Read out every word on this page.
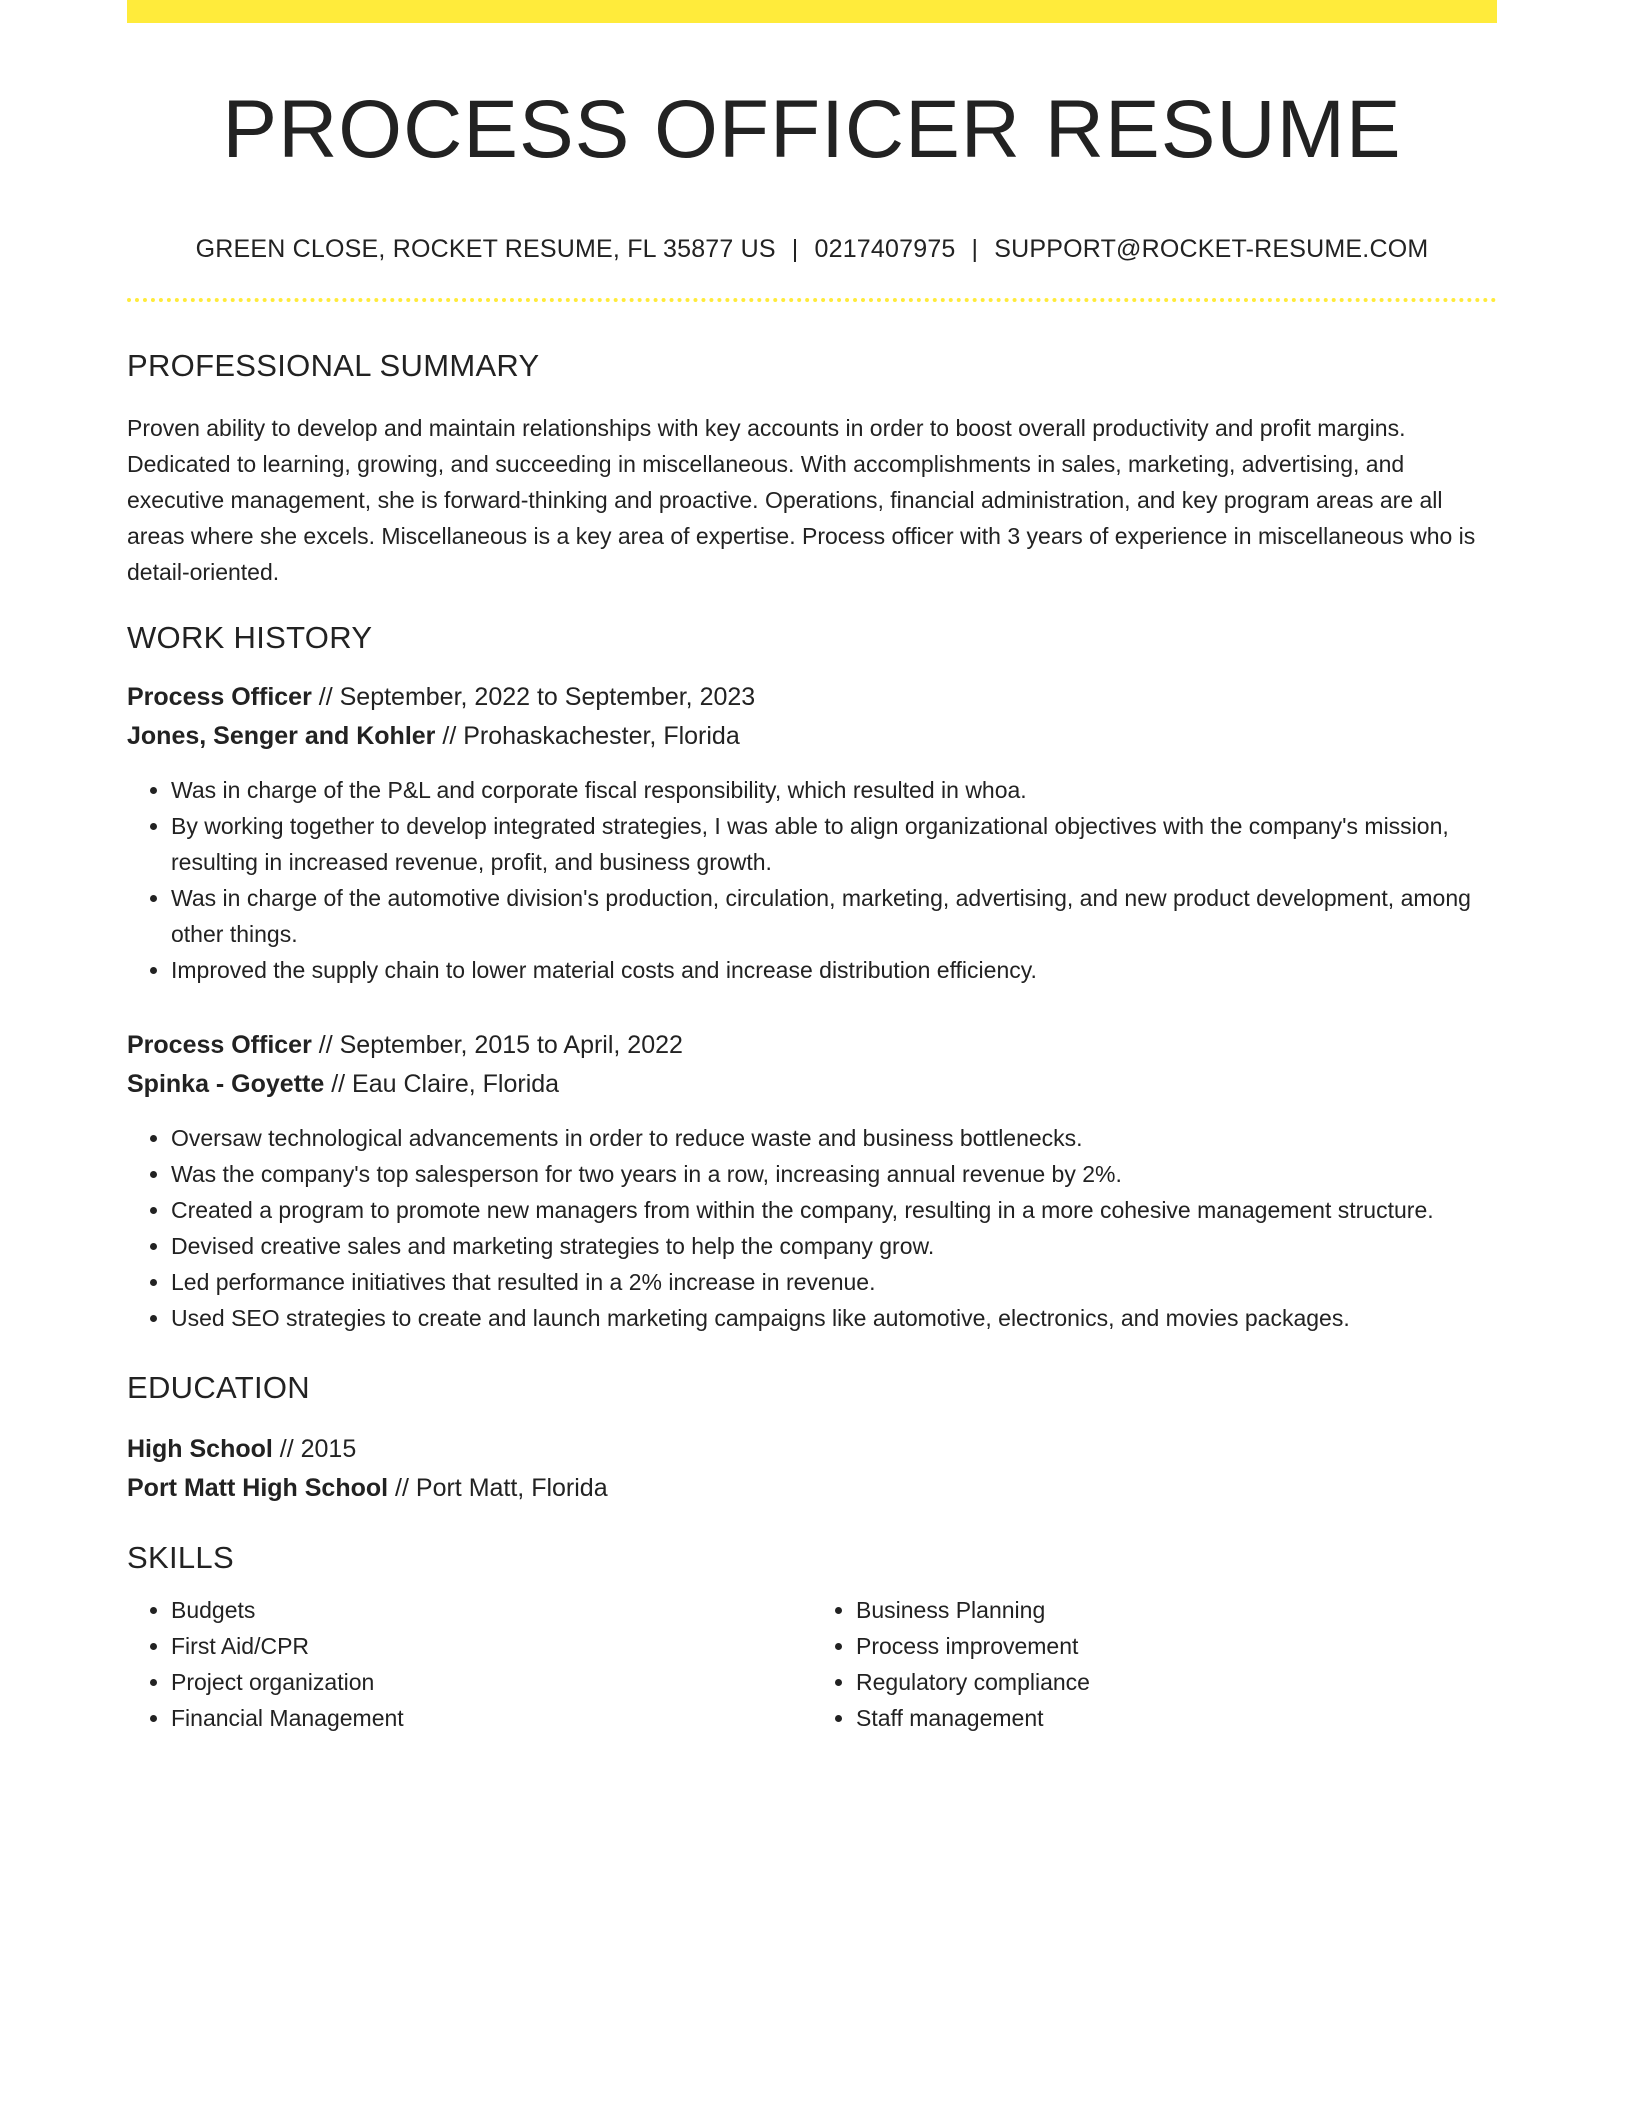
PROCESS OFFICER RESUME
GREEN CLOSE, ROCKET RESUME, FL 35877 US | 0217407975 | SUPPORT@ROCKET-RESUME.COM
PROFESSIONAL SUMMARY
Proven ability to develop and maintain relationships with key accounts in order to boost overall productivity and profit margins. Dedicated to learning, growing, and succeeding in miscellaneous. With accomplishments in sales, marketing, advertising, and executive management, she is forward-thinking and proactive. Operations, financial administration, and key program areas are all areas where she excels. Miscellaneous is a key area of expertise. Process officer with 3 years of experience in miscellaneous who is detail-oriented.
WORK HISTORY
Process Officer // September, 2022 to September, 2023
Jones, Senger and Kohler // Prohaskachester, Florida
• Was in charge of the P&L and corporate fiscal responsibility, which resulted in whoa.
• By working together to develop integrated strategies, I was able to align organizational objectives with the company's mission, resulting in increased revenue, profit, and business growth.
• Was in charge of the automotive division's production, circulation, marketing, advertising, and new product development, among other things.
• Improved the supply chain to lower material costs and increase distribution efficiency.
Process Officer // September, 2015 to April, 2022
Spinka - Goyette // Eau Claire, Florida
• Oversaw technological advancements in order to reduce waste and business bottlenecks.
• Was the company's top salesperson for two years in a row, increasing annual revenue by 2%.
• Created a program to promote new managers from within the company, resulting in a more cohesive management structure.
• Devised creative sales and marketing strategies to help the company grow.
• Led performance initiatives that resulted in a 2% increase in revenue.
• Used SEO strategies to create and launch marketing campaigns like automotive, electronics, and movies packages.
EDUCATION
High School // 2015
Port Matt High School // Port Matt, Florida
SKILLS
• Budgets
• First Aid/CPR
• Project organization
• Financial Management
• Business Planning
• Process improvement
• Regulatory compliance
• Staff management
